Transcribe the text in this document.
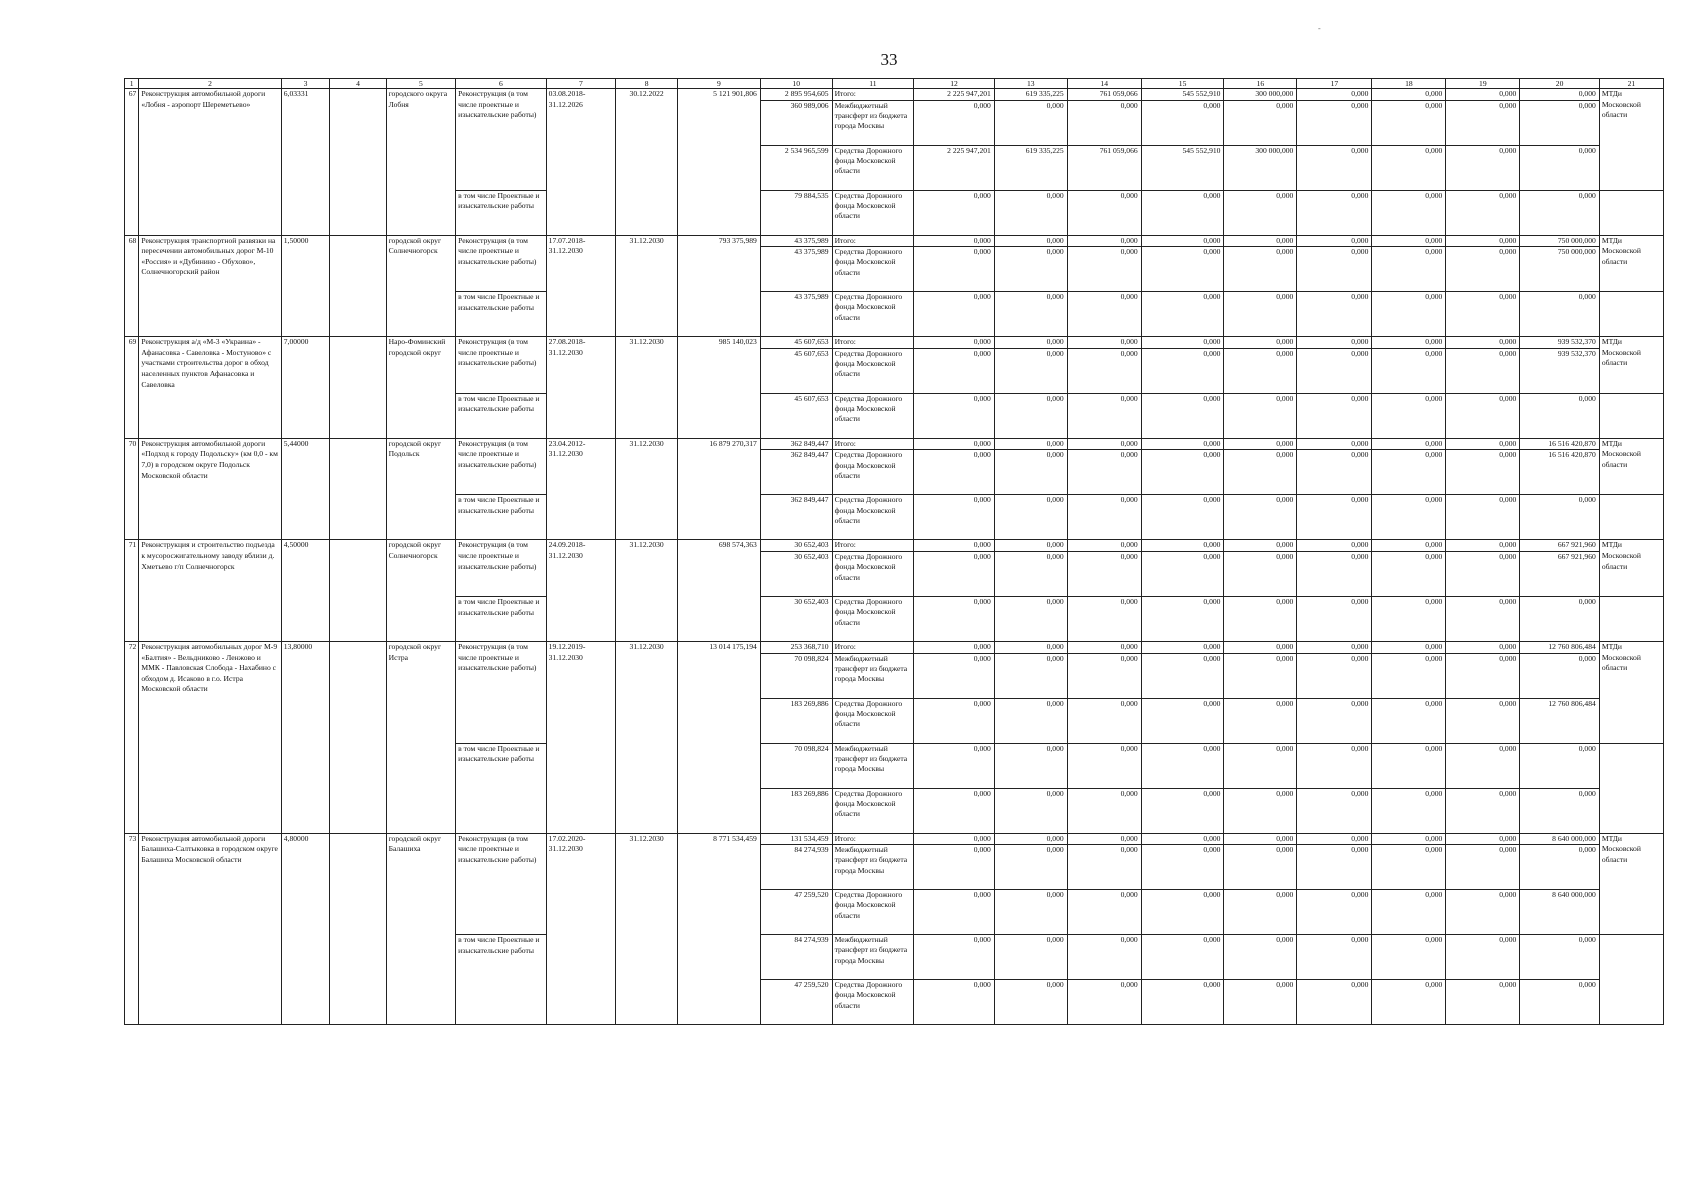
-
33
1	2	3	4	5	6	7	8	9	10	11	12	13	14	15	16	17	18	19	20	21
67	Реконструкция автомобильной дороги «Лобня - аэропорт Шереметьево»	6,03331		городского округа Лобня	Реконструкция (в том числе проектные и изыскательские работы)	03.08.2018-31.12.2026	30.12.2022	5 121 901,806	2 895 954,605	Итого:	2 225 947,201	619 335,225	761 059,066	545 552,910	300 000,000	0,000	0,000	0,000	0,000	МТДи Московской области
									360 989,006	Межбюджетный трансферт из бюджета города Москвы	0,000	0,000	0,000	0,000	0,000	0,000	0,000	0,000	0,000	
									2 534 965,599	Средства Дорожного фонда Московской области	2 225 947,201	619 335,225	761 059,066	545 552,910	300 000,000	0,000	0,000	0,000	0,000	
					в том числе Проектные и изыскательские работы				79 884,535	Средства Дорожного фонда Московской области	0,000	0,000	0,000	0,000	0,000	0,000	0,000	0,000	0,000	
68	Реконструкция транспортной развязки на пересечении автомобильных дорог М-10 «Россия» и «Дубинино - Обухово», Солнечногорский район	1,50000		городской округ Солнечногорск	Реконструкция (в том числе проектные и изыскательские работы)	17.07.2018-31.12.2030	31.12.2030	793 375,989	43 375,989	Итого:	0,000	0,000	0,000	0,000	0,000	0,000	0,000	0,000	750 000,000	МТДи Московской области
									43 375,989	Средства Дорожного фонда Московской области	0,000	0,000	0,000	0,000	0,000	0,000	0,000	0,000	750 000,000	
					в том числе Проектные и изыскательские работы				43 375,989	Средства Дорожного фонда Московской области	0,000	0,000	0,000	0,000	0,000	0,000	0,000	0,000	0,000	
69	Реконструкция а/д «М-3 «Украина» - Афанасовка - Савеловка - Мостуново» с участками строительства дорог в обход населенных пунктов Афанасовка и Савеловка	7,00000		Наро-Фоминский городской округ	Реконструкция (в том числе проектные и изыскательские работы)	27.08.2018-31.12.2030	31.12.2030	985 140,023	45 607,653	Итого:	0,000	0,000	0,000	0,000	0,000	0,000	0,000	0,000	939 532,370	МТДи Московской области
									45 607,653	Средства Дорожного фонда Московской области	0,000	0,000	0,000	0,000	0,000	0,000	0,000	0,000	939 532,370	
					в том числе Проектные и изыскательские работы				45 607,653	Средства Дорожного фонда Московской области	0,000	0,000	0,000	0,000	0,000	0,000	0,000	0,000	0,000	
70	Реконструкция автомобильной дороги «Подход к городу Подольску» (км 0,0 - км 7,0) в городском округе Подольск Московской области	5,44000		городской округ Подольск	Реконструкция (в том числе проектные и изыскательские работы)	23.04.2012-31.12.2030	31.12.2030	16 879 270,317	362 849,447	Итого:	0,000	0,000	0,000	0,000	0,000	0,000	0,000	0,000	16 516 420,870	МТДи Московской области
									362 849,447	Средства Дорожного фонда Московской области	0,000	0,000	0,000	0,000	0,000	0,000	0,000	0,000	16 516 420,870	
					в том числе Проектные и изыскательские работы				362 849,447	Средства Дорожного фонда Московской области	0,000	0,000	0,000	0,000	0,000	0,000	0,000	0,000	0,000	
71	Реконструкция и строительство подъезда к мусоросжигательному заводу вблизи д. Хметьево г/п Солнечногорск	4,50000		городской округ Солнечногорск	Реконструкция (в том числе проектные и изыскательские работы)	24.09.2018-31.12.2030	31.12.2030	698 574,363	30 652,403	Итого:	0,000	0,000	0,000	0,000	0,000	0,000	0,000	0,000	667 921,960	МТДи Московской области
									30 652,403	Средства Дорожного фонда Московской области	0,000	0,000	0,000	0,000	0,000	0,000	0,000	0,000	667 921,960	
					в том числе Проектные и изыскательские работы				30 652,403	Средства Дорожного фонда Московской области	0,000	0,000	0,000	0,000	0,000	0,000	0,000	0,000	0,000	
72	Реконструкция автомобильных дорог М-9 «Балтия» - Вельдниково - Ленжово и ММК - Павловская Слобода - Нахабино с обходом д. Исаково в г.о. Истра Московской области	13,80000		городской округ Истра	Реконструкция (в том числе проектные и изыскательские работы)	19.12.2019-31.12.2030	31.12.2030	13 014 175,194	253 368,710	Итого:	0,000	0,000	0,000	0,000	0,000	0,000	0,000	0,000	12 760 806,484	МТДи Московской области
									70 098,824	Межбюджетный трансферт из бюджета города Москвы	0,000	0,000	0,000	0,000	0,000	0,000	0,000	0,000	0,000	
									183 269,886	Средства Дорожного фонда Московской области	0,000	0,000	0,000	0,000	0,000	0,000	0,000	0,000	12 760 806,484	
					в том числе Проектные и изыскательские работы				70 098,824	Межбюджетный трансферт из бюджета города Москвы	0,000	0,000	0,000	0,000	0,000	0,000	0,000	0,000	0,000	
									183 269,886	Средства Дорожного фонда Московской области	0,000	0,000	0,000	0,000	0,000	0,000	0,000	0,000	0,000	
73	Реконструкция автомобильной дороги Балашиха-Салтыковка в городском округе Балашиха Московской области	4,80000		городской округ Балашиха	Реконструкция (в том числе проектные и изыскательские работы)	17.02.2020-31.12.2030	31.12.2030	8 771 534,459	131 534,459	Итого:	0,000	0,000	0,000	0,000	0,000	0,000	0,000	0,000	8 640 000,000	МТДи Московской области
									84 274,939	Межбюджетный трансферт из бюджета города Москвы	0,000	0,000	0,000	0,000	0,000	0,000	0,000	0,000	0,000	
									47 259,520	Средства Дорожного фонда Московской области	0,000	0,000	0,000	0,000	0,000	0,000	0,000	0,000	8 640 000,000	
					в том числе Проектные и изыскательские работы				84 274,939	Межбюджетный трансферт из бюджета города Москвы	0,000	0,000	0,000	0,000	0,000	0,000	0,000	0,000	0,000	
									47 259,520	Средства Дорожного фонда Московской области	0,000	0,000	0,000	0,000	0,000	0,000	0,000	0,000	0,000	
